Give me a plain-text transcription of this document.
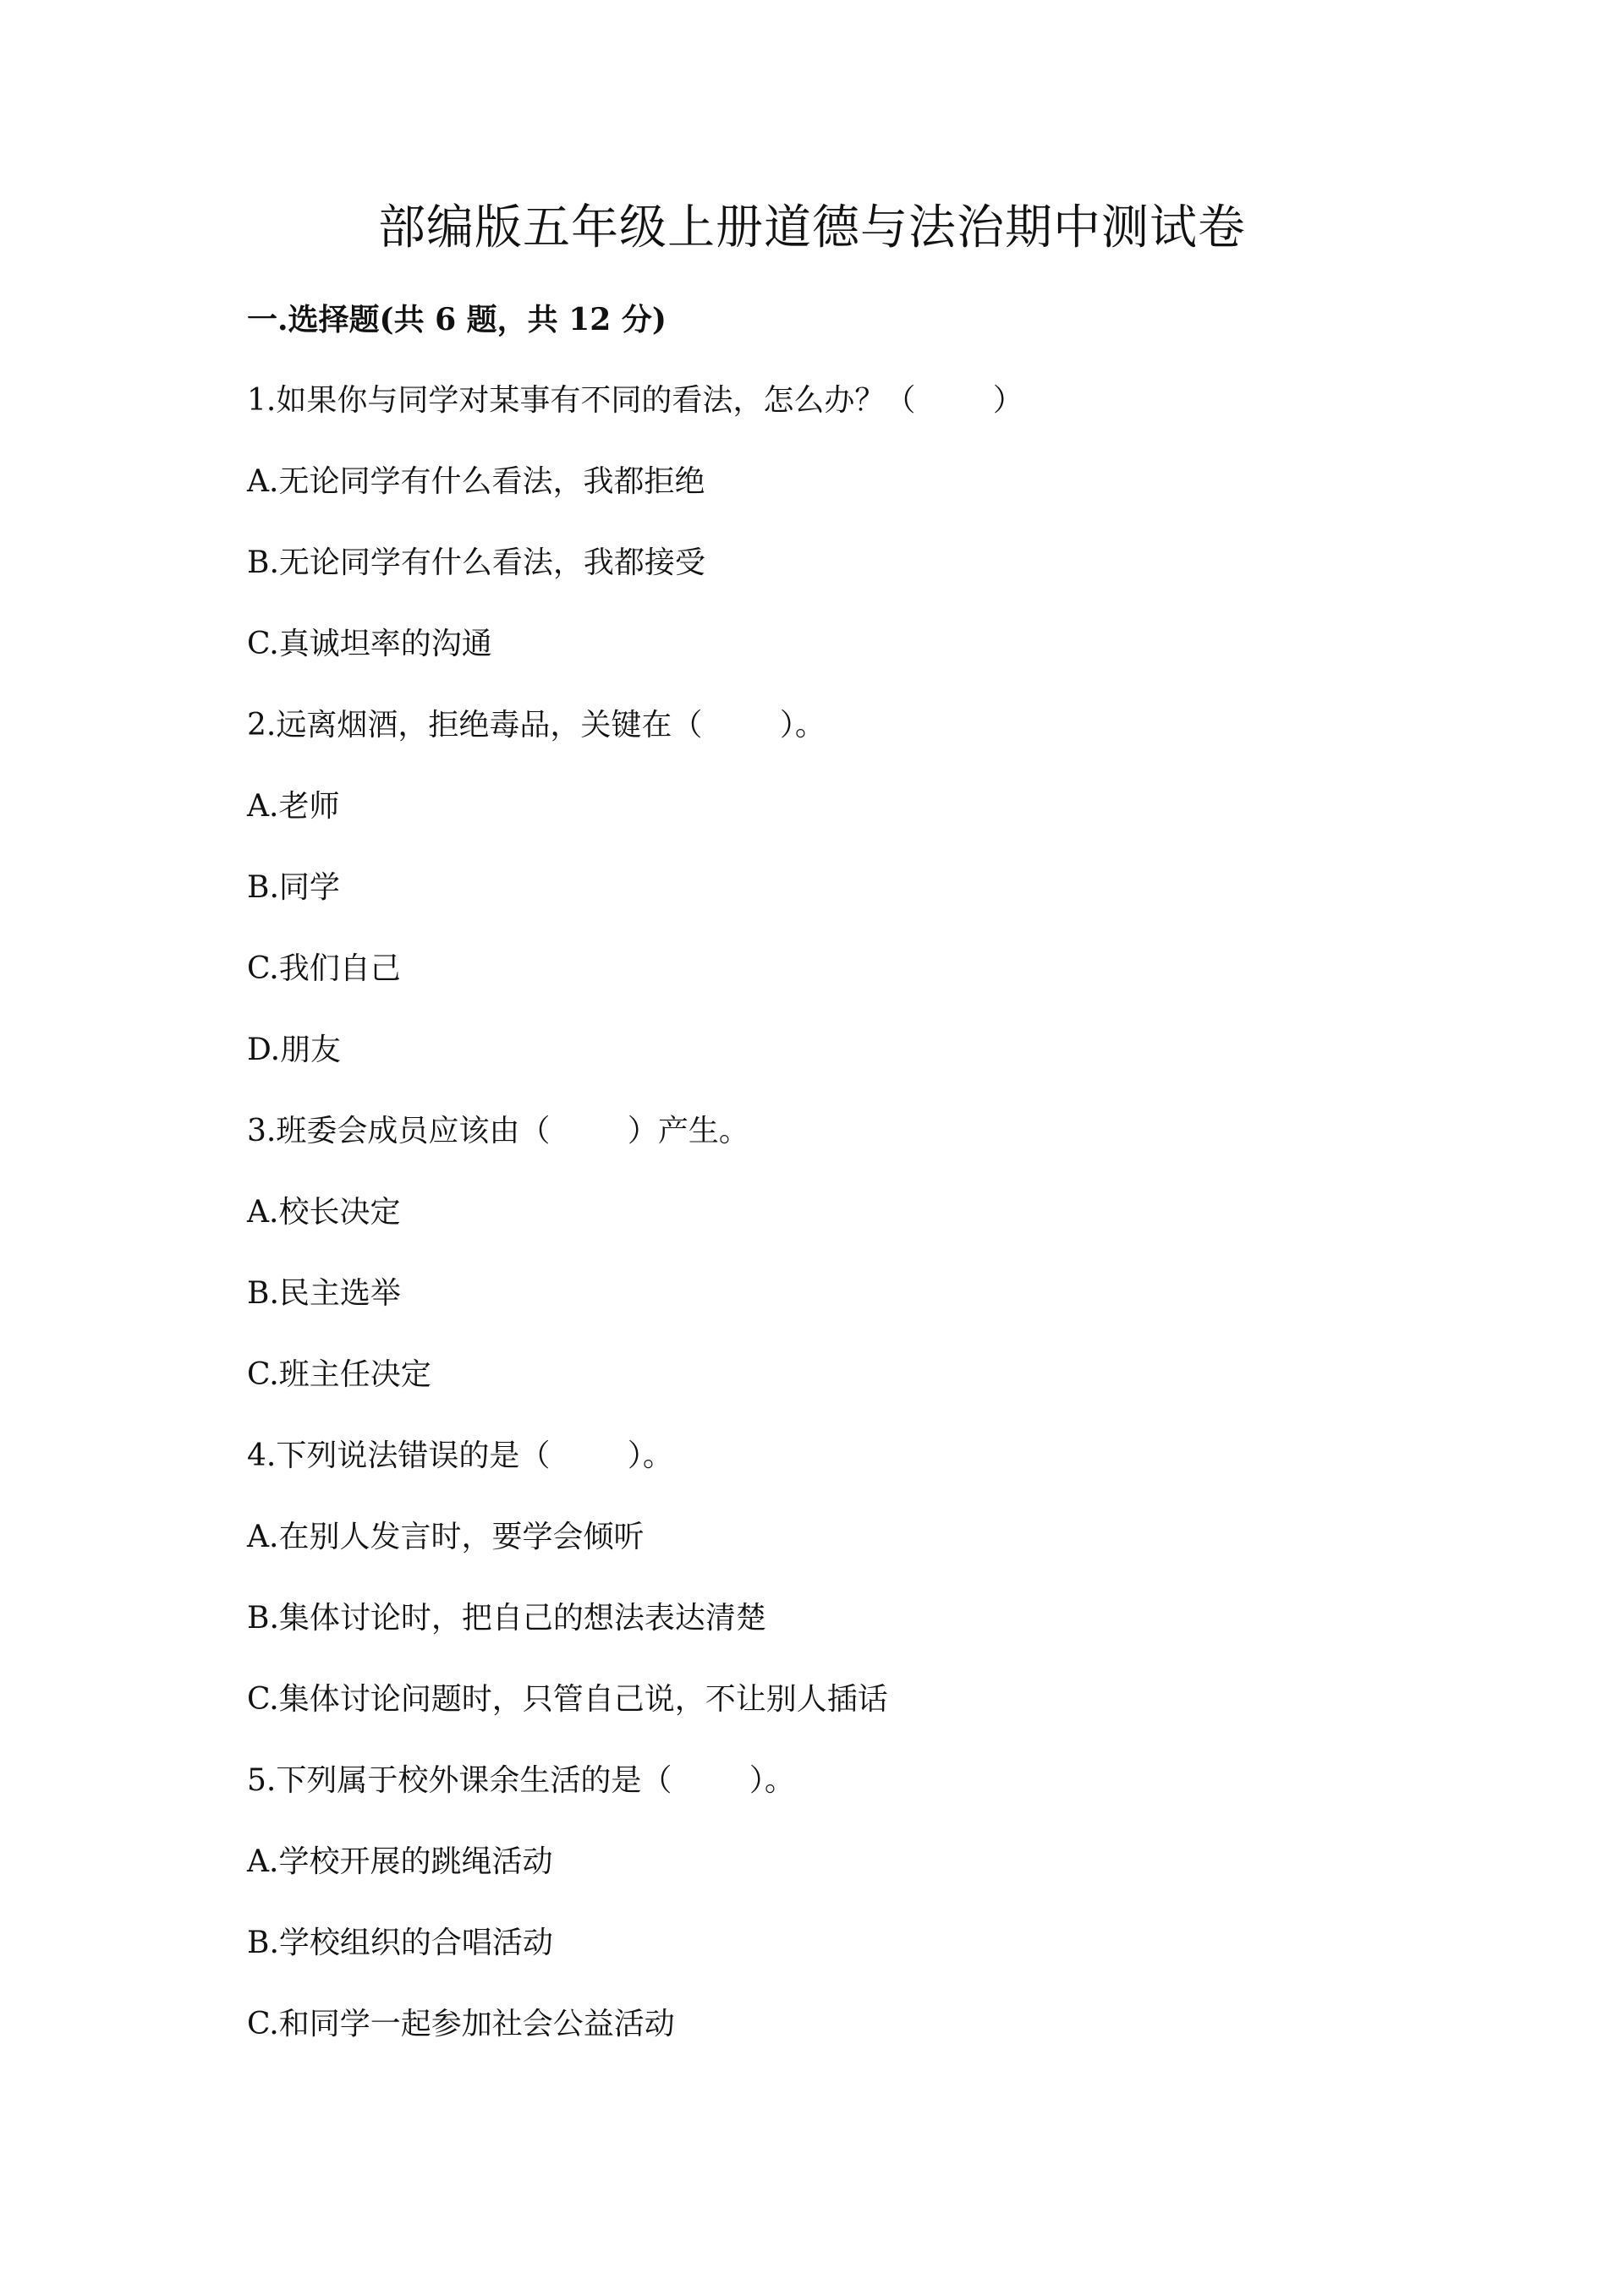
部编版五年级上册道德与法治期中测试卷
一.选择题(共 6 题，共 12 分)
1.如果你与同学对某事有不同的看法，怎么办？（        ）
A.无论同学有什么看法，我都拒绝
B.无论同学有什么看法，我都接受
C.真诚坦率的沟通
2.远离烟酒，拒绝毒品，关键在（        ）。
A.老师
B.同学
C.我们自己
D.朋友
3.班委会成员应该由（        ）产生。
A.校长决定
B.民主选举
C.班主任决定
4.下列说法错误的是（        ）。
A.在别人发言时，要学会倾听
B.集体讨论时，把自己的想法表达清楚
C.集体讨论问题时，只管自己说，不让别人插话
5.下列属于校外课余生活的是（        ）。
A.学校开展的跳绳活动
B.学校组织的合唱活动
C.和同学一起参加社会公益活动
